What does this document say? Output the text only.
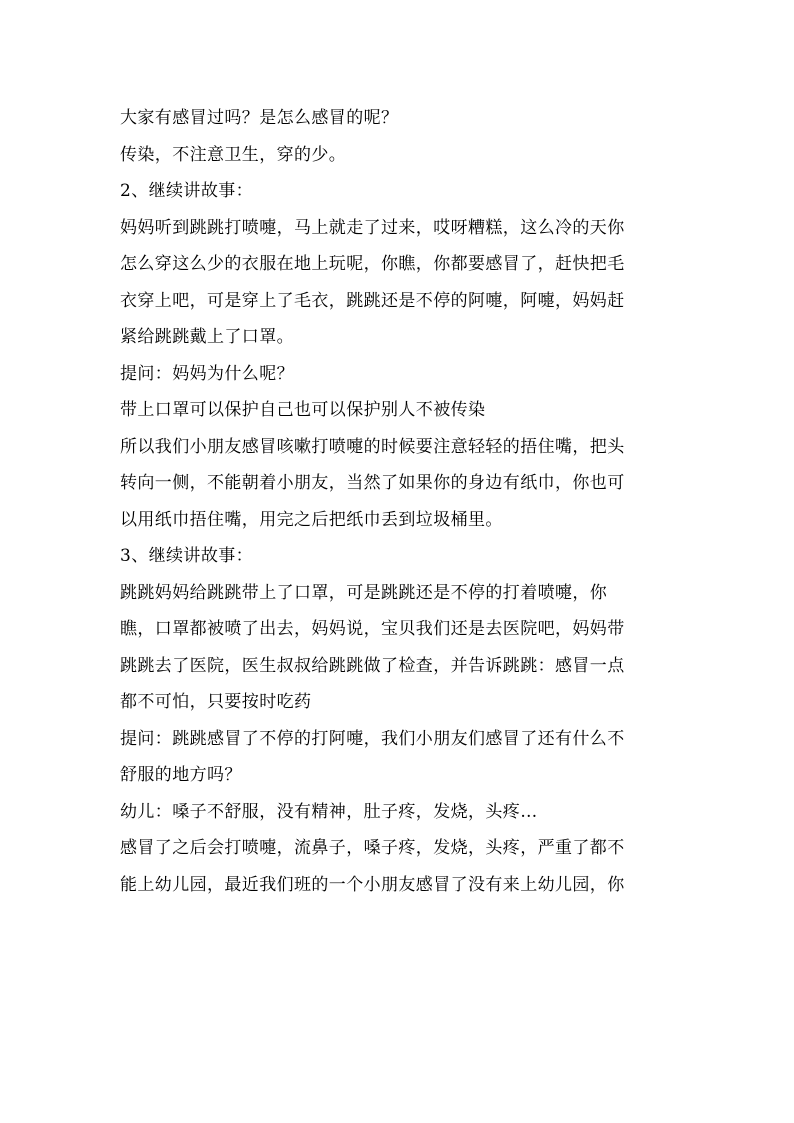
大家有感冒过吗？是怎么感冒的呢？
传染，不注意卫生，穿的少。
2、继续讲故事：
妈妈听到跳跳打喷嚏，马上就走了过来，哎呀糟糕，这么冷的天你
怎么穿这么少的衣服在地上玩呢，你瞧，你都要感冒了，赶快把毛
衣穿上吧，可是穿上了毛衣，跳跳还是不停的阿嚏，阿嚏，妈妈赶
紧给跳跳戴上了口罩。
提问：妈妈为什么呢？
带上口罩可以保护自己也可以保护别人不被传染
所以我们小朋友感冒咳嗽打喷嚏的时候要注意轻轻的捂住嘴，把头
转向一侧，不能朝着小朋友，当然了如果你的身边有纸巾，你也可
以用纸巾捂住嘴，用完之后把纸巾丢到垃圾桶里。
3、继续讲故事：
跳跳妈妈给跳跳带上了口罩，可是跳跳还是不停的打着喷嚏，你
瞧，口罩都被喷了出去，妈妈说，宝贝我们还是去医院吧，妈妈带
跳跳去了医院，医生叔叔给跳跳做了检查，并告诉跳跳：感冒一点
都不可怕，只要按时吃药
提问：跳跳感冒了不停的打阿嚏，我们小朋友们感冒了还有什么不
舒服的地方吗？
幼儿：嗓子不舒服，没有精神，肚子疼，发烧，头疼…
感冒了之后会打喷嚏，流鼻子，嗓子疼，发烧，头疼，严重了都不
能上幼儿园，最近我们班的一个小朋友感冒了没有来上幼儿园，你
